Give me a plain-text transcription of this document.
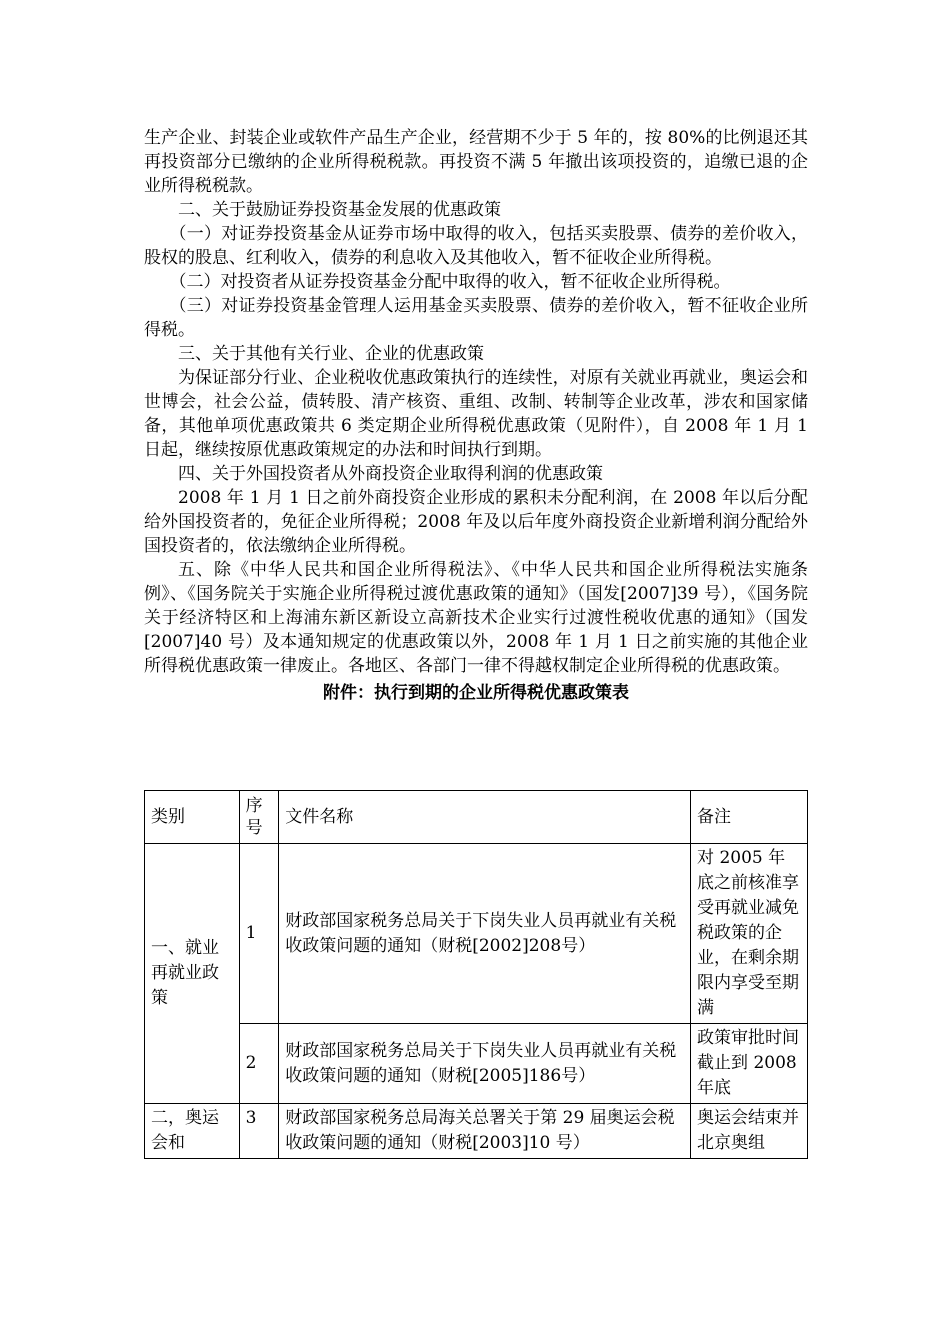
生产企业、封装企业或软件产品生产企业，经营期不少于 5 年的，按 80%的比例退还其再投资部分已缴纳的企业所得税税款。再投资不满 5 年撤出该项投资的，追缴已退的企业所得税税款。

二、关于鼓励证券投资基金发展的优惠政策

（一）对证券投资基金从证券市场中取得的收入，包括买卖股票、债券的差价收入，股权的股息、红利收入，债券的利息收入及其他收入，暂不征收企业所得税。

（二）对投资者从证券投资基金分配中取得的收入，暂不征收企业所得税。

（三）对证券投资基金管理人运用基金买卖股票、债券的差价收入，暂不征收企业所得税。

三、关于其他有关行业、企业的优惠政策

为保证部分行业、企业税收优惠政策执行的连续性，对原有关就业再就业，奥运会和世博会，社会公益，债转股、清产核资、重组、改制、转制等企业改革，涉农和国家储备，其他单项优惠政策共 6 类定期企业所得税优惠政策（见附件），自 2008 年 1 月 1 日起，继续按原优惠政策规定的办法和时间执行到期。

四、关于外国投资者从外商投资企业取得利润的优惠政策

2008 年 1 月 1 日之前外商投资企业形成的累积未分配利润，在 2008 年以后分配给外国投资者的，免征企业所得税；2008 年及以后年度外商投资企业新增利润分配给外国投资者的，依法缴纳企业所得税。

五、除《中华人民共和国企业所得税法》、《中华人民共和国企业所得税法实施条例》、《国务院关于实施企业所得税过渡优惠政策的通知》（国发[2007]39 号），《国务院关于经济特区和上海浦东新区新设立高新技术企业实行过渡性税收优惠的通知》（国发[2007]40 号）及本通知规定的优惠政策以外，2008 年 1 月 1 日之前实施的其他企业所得税优惠政策一律废止。各地区、各部门一律不得越权制定企业所得税的优惠政策。

附件：执行到期的企业所得税优惠政策表

类别	序号	文件名称	备注
一、就业再就业政策	1	财政部国家税务总局关于下岗失业人员再就业有关税收政策问题的通知（财税[2002]208号）	对 2005 年底之前核准享受再就业减免税政策的企业，在剩余期限内享受至期满
	2	财政部国家税务总局关于下岗失业人员再就业有关税收政策问题的通知（财税[2005]186号）	政策审批时间截止到 2008 年底
二，奥运会和	3	财政部国家税务总局海关总署关于第 29 届奥运会税收政策问题的通知（财税[2003]10 号）	奥运会结束并北京奥组
